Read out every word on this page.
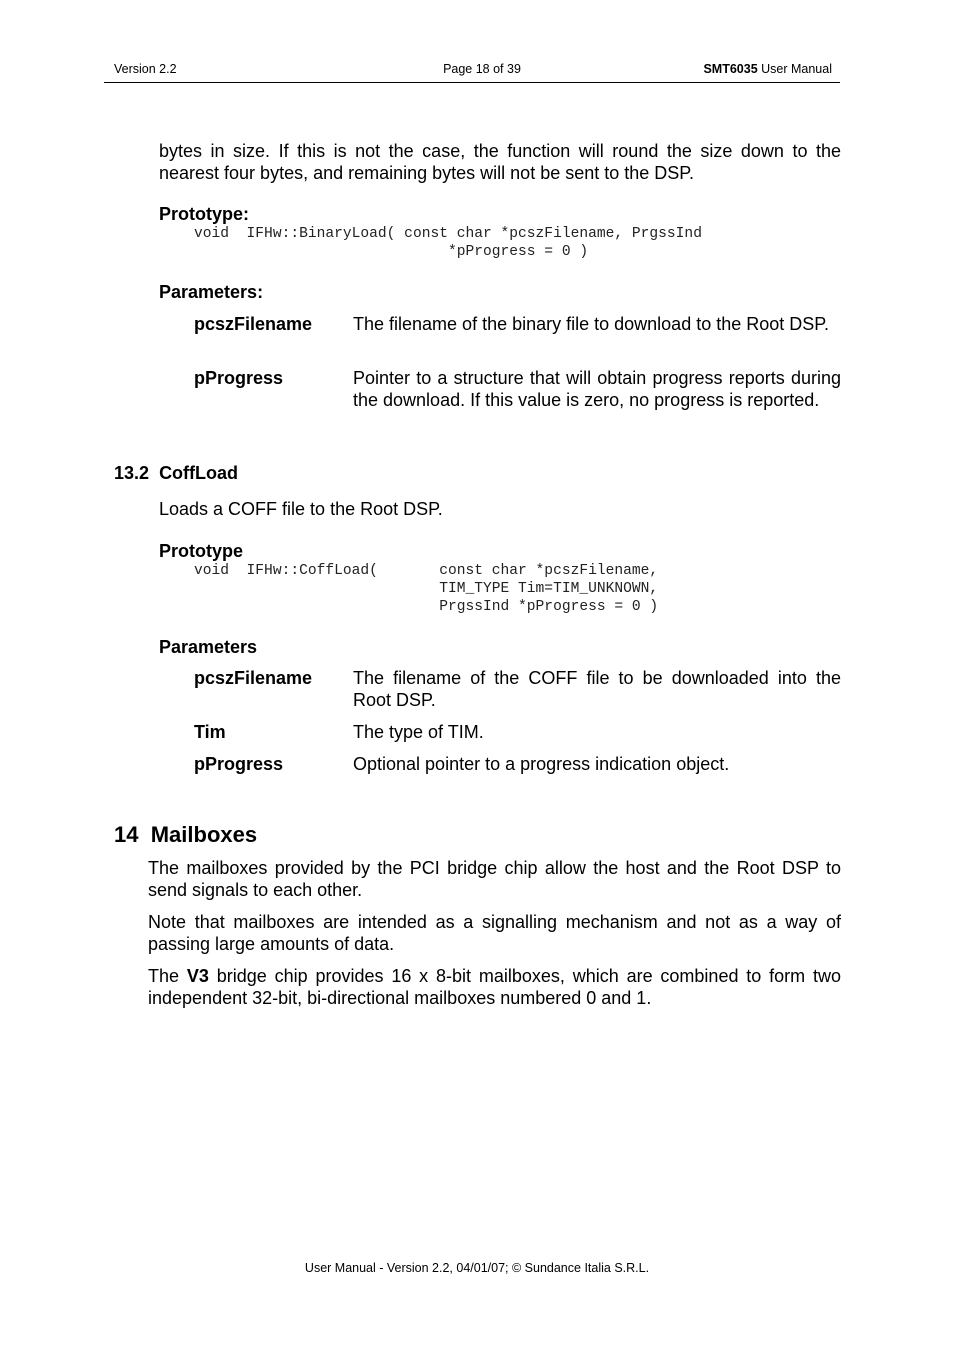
Version 2.2	Page 18 of 39	SMT6035 User Manual
bytes in size. If this is not the case, the function will round the size down to the nearest four bytes, and remaining bytes will not be sent to the DSP.
Prototype:
void  IFHw::BinaryLoad( const char *pcszFilename, PrgssInd
*pProgress = 0 )
Parameters:
pcszFilename The filename of the binary file to download to the Root DSP.
pProgress	Pointer to a structure that will obtain progress reports during the download. If this value is zero, no progress is reported.
13.2 CoffLoad
Loads a COFF file to the Root DSP.
Prototype
void  IFHw::CoffLoad(       const char *pcszFilename,
TIM_TYPE Tim=TIM_UNKNOWN,
PrgssInd *pProgress = 0 )
Parameters
pcszFilename The filename of the COFF file to be downloaded into the Root DSP.
Tim	The type of TIM.
pProgress	Optional pointer to a progress indication object.
14 Mailboxes
The mailboxes provided by the PCI bridge chip allow the host and the Root DSP to send signals to each other.
Note that mailboxes are intended as a signalling mechanism and not as a way of passing large amounts of data.
The V3 bridge chip provides 16 x 8-bit mailboxes, which are combined to form two independent 32-bit, bi-directional mailboxes numbered 0 and 1.
User Manual - Version 2.2, 04/01/07; © Sundance Italia S.R.L.
